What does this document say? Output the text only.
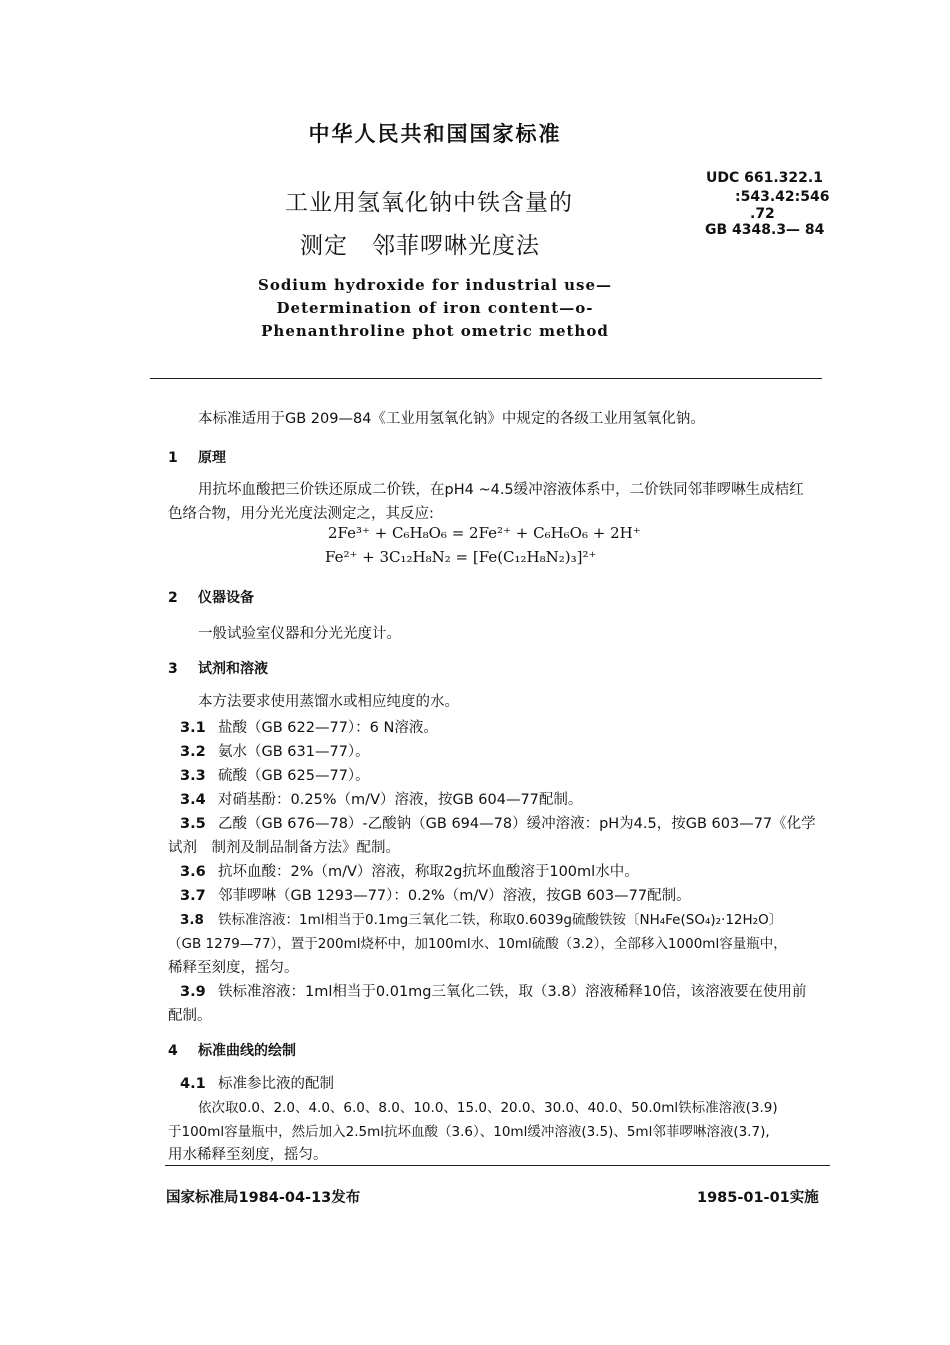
中华人民共和国国家标准
工业用氢氧化钠中铁含量的
测定　邻菲啰啉光度法
Sodium hydroxide for industrial use—
Determination of iron content—o-
Phenanthroline phot ometric method
UDC 661.322.1
:543.42:546
.72
GB 4348.3— 84
本标准适用于GB 209—84《工业用氢氧化钠》中规定的各级工业用氢氧化钠。
1 原理
用抗坏血酸把三价铁还原成二价铁，在pH4 ~4.5缓冲溶液体系中，二价铁同邻菲啰啉生成桔红
色络合物，用分光光度法测定之，其反应:
2Fe³⁺ + C₆H₈O₆ = 2Fe²⁺ + C₆H₆O₆ + 2H⁺
Fe²⁺ + 3C₁₂H₈N₂ = [Fe(C₁₂H₈N₂)₃]²⁺
2 仪器设备
一般试验室仪器和分光光度计。
3 试剂和溶液
本方法要求使用蒸馏水或相应纯度的水。
3.1 盐酸（GB 622—77）：6 N溶液。
3.2 氨水（GB 631—77）。
3.3 硫酸（GB 625—77）。
3.4 对硝基酚：0.25%（m/V）溶液，按GB 604—77配制。
3.5 乙酸（GB 676—78）-乙酸钠（GB 694—78）缓冲溶液：pH为4.5，按GB 603—77《化学
试剂　制剂及制品制备方法》配制。
3.6 抗坏血酸：2%（m/V）溶液，称取2g抗坏血酸溶于100ml水中。
3.7 邻菲啰啉（GB 1293—77）：0.2%（m/V）溶液，按GB 603—77配制。
3.8 铁标准溶液：1ml相当于0.1mg三氧化二铁，称取0.6039g硫酸铁铵〔NH₄Fe(SO₄)₂·12H₂O〕
（GB 1279—77），置于200ml烧杯中，加100ml水、10ml硫酸（3.2），全部移入1000ml容量瓶中，
稀释至刻度，摇匀。
3.9 铁标准溶液：1ml相当于0.01mg三氧化二铁，取（3.8）溶液稀释10倍，该溶液要在使用前
配制。
4 标准曲线的绘制
4.1 标准参比液的配制
依次取0.0、2.0、4.0、6.0、8.0、10.0、15.0、20.0、30.0、40.0、50.0ml铁标准溶液(3.9)
于100ml容量瓶中，然后加入2.5ml抗坏血酸（3.6）、10ml缓冲溶液(3.5)、5ml邻菲啰啉溶液(3.7),
用水稀释至刻度，摇匀。
国家标准局1984-04-13发布	1985-01-01实施
